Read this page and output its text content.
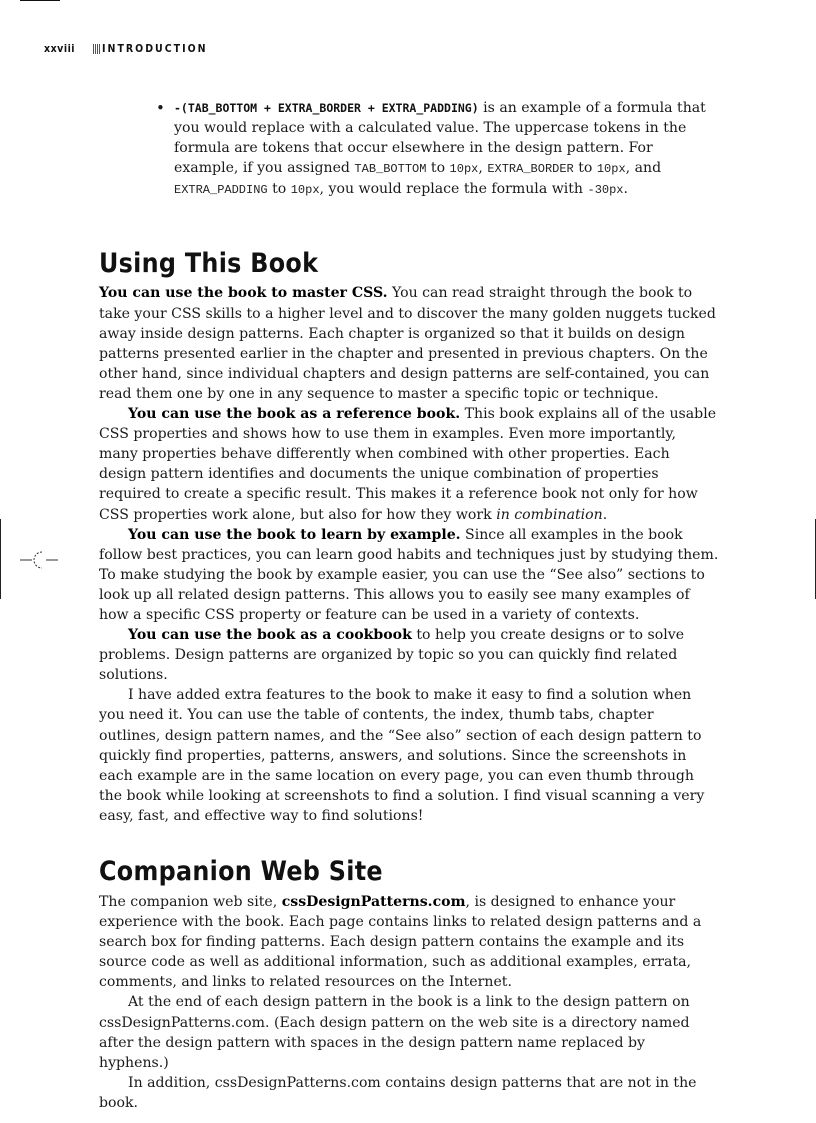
xxviii	INTRODUCTION
• -(TAB_BOTTOM + EXTRA_BORDER + EXTRA_PADDING) is an example of a formula that you would replace with a calculated value. The uppercase tokens in the formula are tokens that occur elsewhere in the design pattern. For example, if you assigned TAB_BOTTOM to 10px, EXTRA_BORDER to 10px, and EXTRA_PADDING to 10px, you would replace the formula with -30px.
Using This Book

You can use the book to master CSS. You can read straight through the book to take your CSS skills to a higher level and to discover the many golden nuggets tucked away inside design patterns. Each chapter is organized so that it builds on design patterns presented earlier in the chapter and presented in previous chapters. On the other hand, since individual chapters and design patterns are self-contained, you can read them one by one in any sequence to master a specific topic or technique.

You can use the book as a reference book. This book explains all of the usable CSS properties and shows how to use them in examples. Even more importantly, many properties behave differently when combined with other properties. Each design pattern identifies and documents the unique combination of properties required to create a specific result. This makes it a reference book not only for how CSS properties work alone, but also for how they work in combination.

You can use the book to learn by example. Since all examples in the book follow best practices, you can learn good habits and techniques just by studying them. To make studying the book by example easier, you can use the “See also” sections to look up all related design patterns. This allows you to easily see many examples of how a specific CSS property or feature can be used in a variety of contexts.

You can use the book as a cookbook to help you create designs or to solve problems. Design patterns are organized by topic so you can quickly find related solutions.

I have added extra features to the book to make it easy to find a solution when you need it. You can use the table of contents, the index, thumb tabs, chapter outlines, design pattern names, and the “See also” section of each design pattern to quickly find properties, patterns, answers, and solutions. Since the screenshots in each example are in the same location on every page, you can even thumb through the book while looking at screenshots to find a solution. I find visual scanning a very easy, fast, and effective way to find solutions!

Companion Web Site

The companion web site, cssDesignPatterns.com, is designed to enhance your experience with the book. Each page contains links to related design patterns and a search box for finding patterns. Each design pattern contains the example and its source code as well as additional information, such as additional examples, errata, comments, and links to related resources on the Internet.

At the end of each design pattern in the book is a link to the design pattern on cssDesignPatterns.com. (Each design pattern on the web site is a directory named after the design pattern with spaces in the design pattern name replaced by hyphens.)

In addition, cssDesignPatterns.com contains design patterns that are not in the book.
